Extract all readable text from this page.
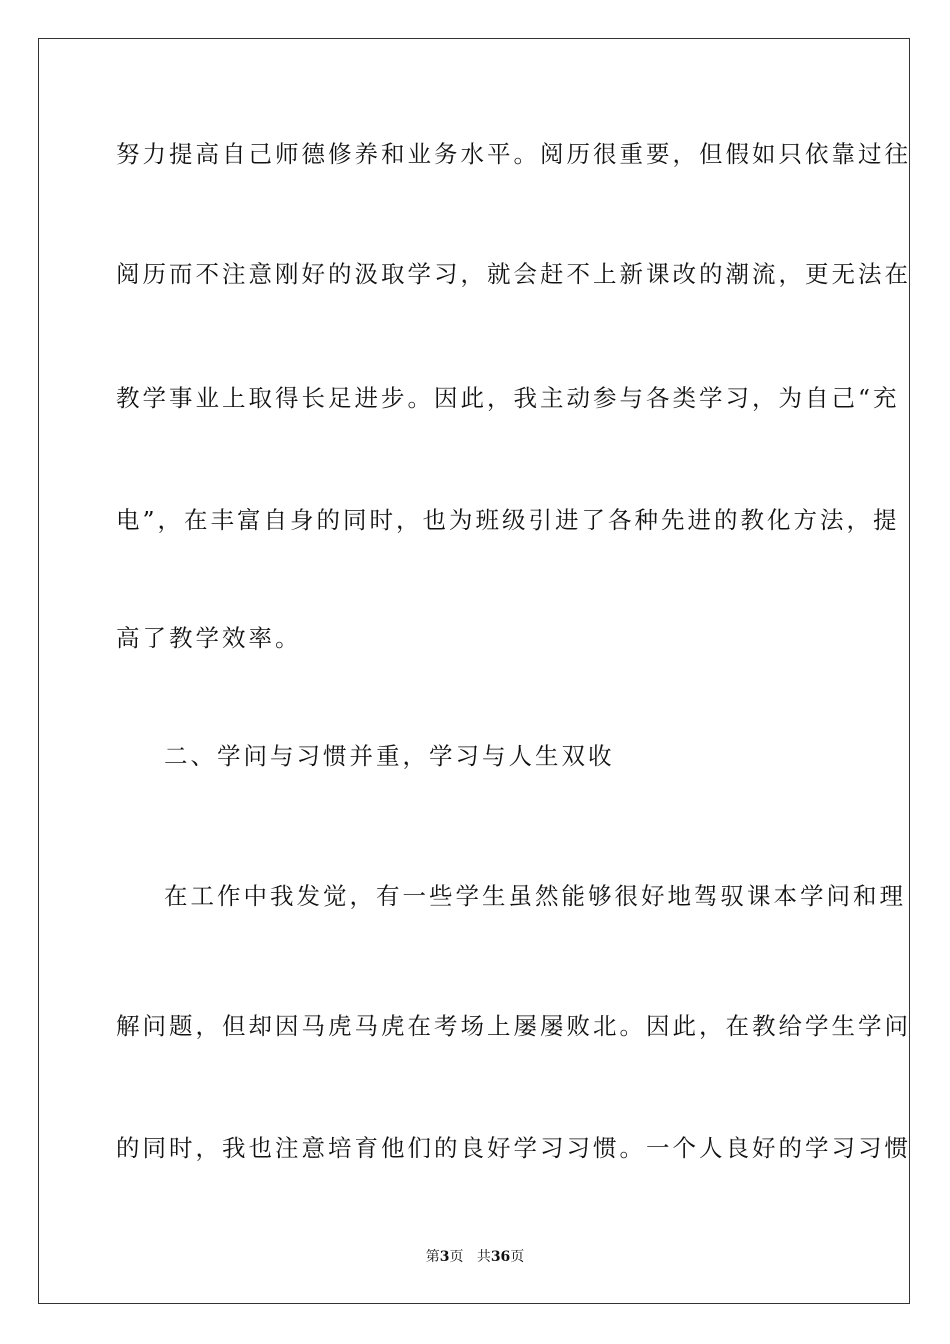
努力提高自己师德修养和业务水平。阅历很重要，但假如只依靠过往
阅历而不注意刚好的汲取学习，就会赶不上新课改的潮流，更无法在
教学事业上取得长足进步。因此，我主动参与各类学习，为自己“充
电”，在丰富自身的同时，也为班级引进了各种先进的教化方法，提
高了教学效率。
二、学问与习惯并重，学习与人生双收
在工作中我发觉，有一些学生虽然能够很好地驾驭课本学问和理
解问题，但却因马虎马虎在考场上屡屡败北。因此，在教给学生学问
的同时，我也注意培育他们的良好学习习惯。一个人良好的学习习惯
第3页 共36页
